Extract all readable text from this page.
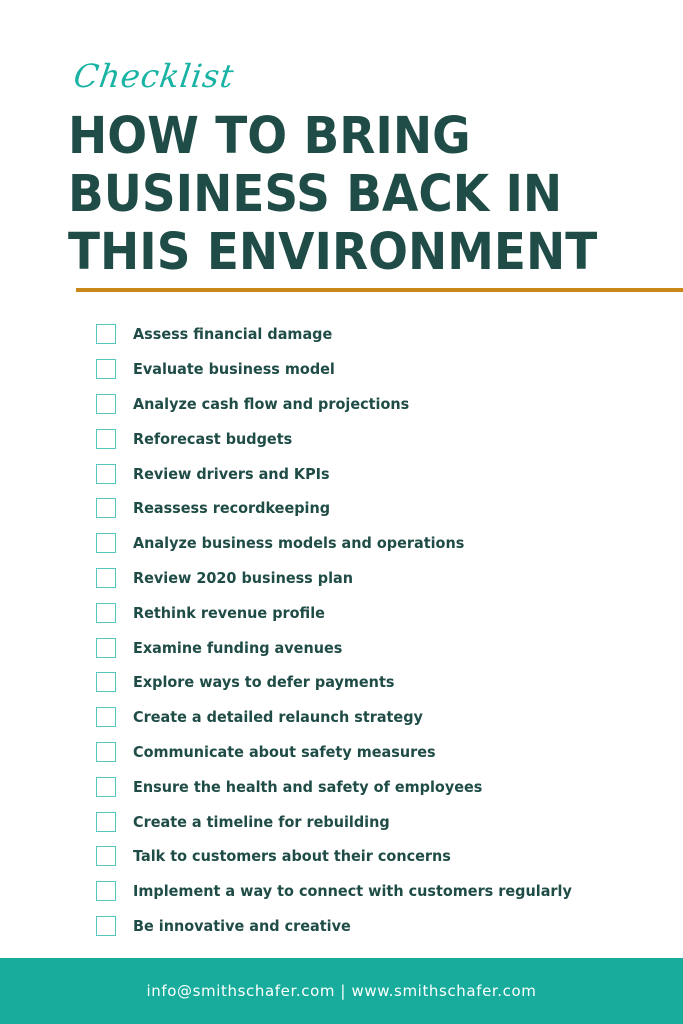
Checklist
HOW TO BRING
BUSINESS BACK IN
THIS ENVIRONMENT
Assess financial damage
Evaluate business model
Analyze cash flow and projections
Reforecast budgets
Review drivers and KPIs
Reassess recordkeeping
Analyze business models and operations
Review 2020 business plan
Rethink revenue profile
Examine funding avenues
Explore ways to defer payments
Create a detailed relaunch strategy
Communicate about safety measures
Ensure the health and safety of employees
Create a timeline for rebuilding
Talk to customers about their concerns
Implement a way to connect with customers regularly
Be innovative and creative
info@smithschafer.com | www.smithschafer.com
